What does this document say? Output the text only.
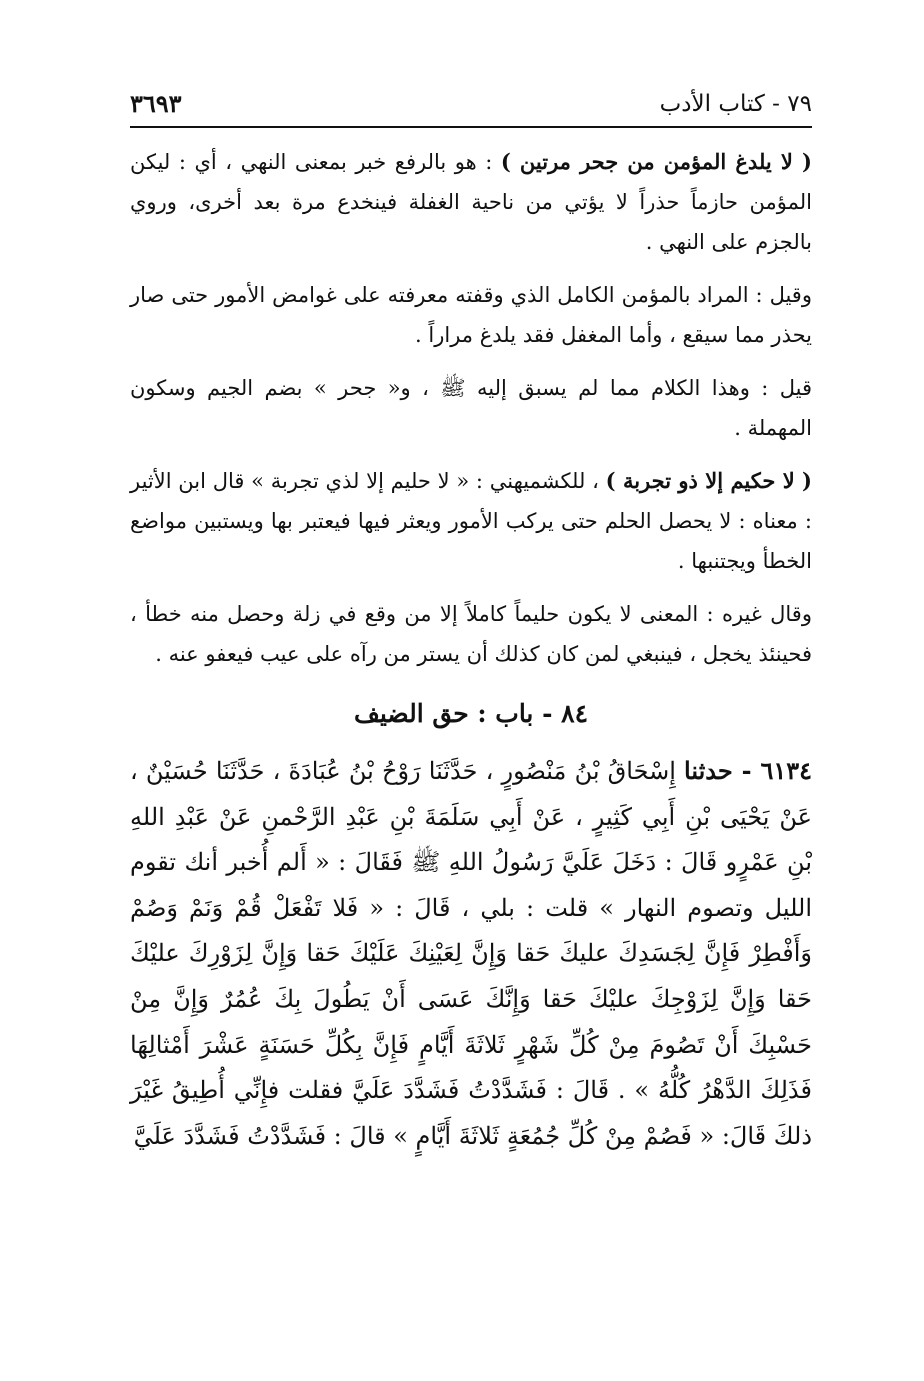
٧٩ - كتاب الأدب
٣٦٩٣

( لا يلدغ المؤمن من جحر مرتين ) : هو بالرفع خبر بمعنى النهي ، أي : ليكن المؤمن حازماً حذراً لا يؤتي من ناحية الغفلة فينخدع مرة بعد أخرى، وروي بالجزم على النهي .

وقيل : المراد بالمؤمن الكامل الذي وقفته معرفته على غوامض الأمور حتى صار يحذر مما سيقع ، وأما المغفل فقد يلدغ مراراً .

قيل : وهذا الكلام مما لم يسبق إليه ﷺ ، و« جحر » بضم الجيم وسكون المهملة .

( لا حكيم إلا ذو تجربة ) ، للكشميهني : « لا حليم إلا لذي تجربة » قال ابن الأثير : معناه : لا يحصل الحلم حتى يركب الأمور ويعثر فيها فيعتبر بها ويستبين مواضع الخطأ ويجتنبها .

وقال غيره : المعنى لا يكون حليماً كاملاً إلا من وقع في زلة وحصل منه خطأ ، فحينئذ يخجل ، فينبغي لمن كان كذلك أن يستر من رآه على عيب فيعفو عنه .

٨٤ - باب : حق الضيف

٦١٣٤ - حدثنا إِسْحَاقُ بْنُ مَنْصُورٍ ، حَدَّثَنَا رَوْحُ بْنُ عُبَادَةَ ، حَدَّثَنَا حُسَيْنٌ ، عَنْ يَحْيَى بْنِ أَبِي كَثِيرٍ ، عَنْ أَبِي سَلَمَةَ بْنِ عَبْدِ الرَّحْمنِ عَنْ عَبْدِ اللهِ بْنِ عَمْرٍو قَالَ : دَخَلَ عَلَيَّ رَسُولُ اللهِ ﷺ فَقَالَ : « أَلم أُخبر أنك تقوم الليل وتصوم النهار » قلت : بلي ، قَالَ : « فَلا تَفْعَلْ قُمْ وَنَمْ وَصُمْ وَأَفْطِرْ فَإِنَّ لِجَسَدِكَ عليكَ حَقا وَإِنَّ لِعَيْنِكَ عَلَيْكَ حَقا وَإِنَّ لِزَوْرِكَ عليْكَ حَقا وَإِنَّ لِزَوْجِكَ عليْكَ حَقا وَإِنَّكَ عَسَى أَنْ يَطُولَ بِكَ عُمُرٌ وَإِنَّ مِنْ حَسْبِكَ أَنْ تَصُومَ مِنْ كُلِّ شَهْرٍ ثَلاثَةَ أَيَّامٍ فَإِنَّ بِكُلِّ حَسَنَةٍ عَشْرَ أَمْثالِهَا فَذَلِكَ الدَّهْرُ كُلُّهُ » . قَالَ : فَشَدَّدْتُ فَشَدَّدَ عَلَيَّ فقلت فإِنِّي أُطِيقُ غَيْرَ ذلكَ قَالَ: « فَصُمْ مِنْ كُلِّ جُمُعَةٍ ثَلاثَةَ أَيَّامٍ » قالَ : فَشَدَّدْتُ فَشَدَّدَ عَلَيَّ
